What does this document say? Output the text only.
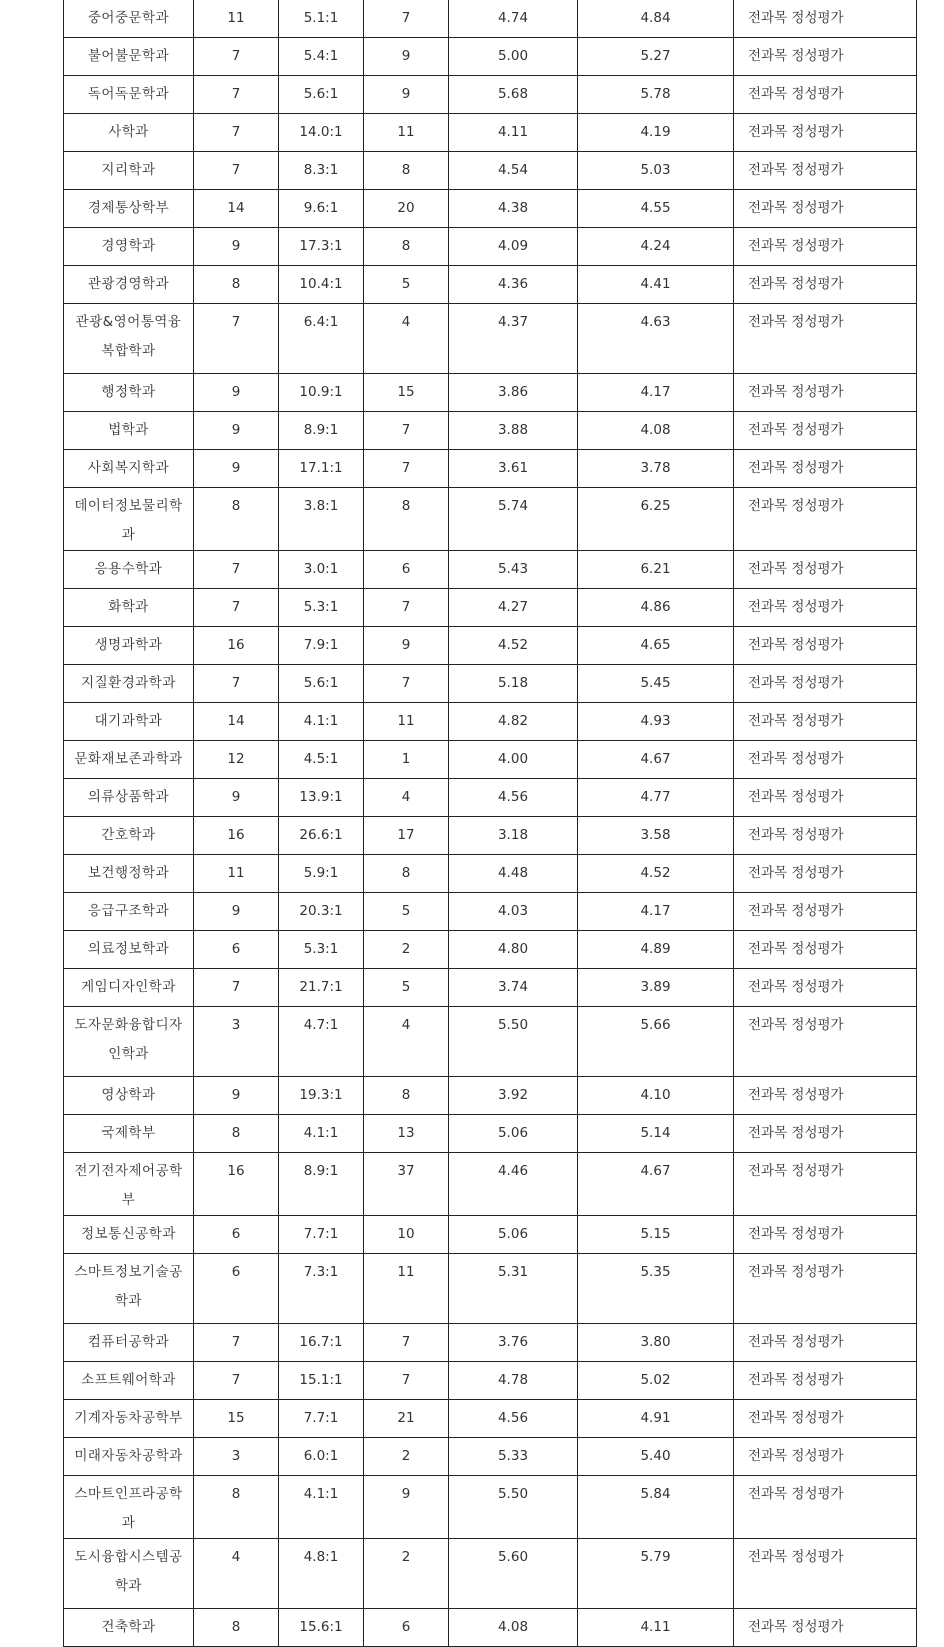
중어중문학과	11	5.1:1	7	4.74	4.84	전과목 정성평가
불어불문학과	7	5.4:1	9	5.00	5.27	전과목 정성평가
독어독문학과	7	5.6:1	9	5.68	5.78	전과목 정성평가
사학과	7	14.0:1	11	4.11	4.19	전과목 정성평가
지리학과	7	8.3:1	8	4.54	5.03	전과목 정성평가
경제통상학부	14	9.6:1	20	4.38	4.55	전과목 정성평가
경영학과	9	17.3:1	8	4.09	4.24	전과목 정성평가
관광경영학과	8	10.4:1	5	4.36	4.41	전과목 정성평가
관광&영어통역융복합학과	7	6.4:1	4	4.37	4.63	전과목 정성평가
행정학과	9	10.9:1	15	3.86	4.17	전과목 정성평가
법학과	9	8.9:1	7	3.88	4.08	전과목 정성평가
사회복지학과	9	17.1:1	7	3.61	3.78	전과목 정성평가
데이터정보물리학과	8	3.8:1	8	5.74	6.25	전과목 정성평가
응용수학과	7	3.0:1	6	5.43	6.21	전과목 정성평가
화학과	7	5.3:1	7	4.27	4.86	전과목 정성평가
생명과학과	16	7.9:1	9	4.52	4.65	전과목 정성평가
지질환경과학과	7	5.6:1	7	5.18	5.45	전과목 정성평가
대기과학과	14	4.1:1	11	4.82	4.93	전과목 정성평가
문화재보존과학과	12	4.5:1	1	4.00	4.67	전과목 정성평가
의류상품학과	9	13.9:1	4	4.56	4.77	전과목 정성평가
간호학과	16	26.6:1	17	3.18	3.58	전과목 정성평가
보건행정학과	11	5.9:1	8	4.48	4.52	전과목 정성평가
응급구조학과	9	20.3:1	5	4.03	4.17	전과목 정성평가
의료정보학과	6	5.3:1	2	4.80	4.89	전과목 정성평가
게임디자인학과	7	21.7:1	5	3.74	3.89	전과목 정성평가
도자문화융합디자인학과	3	4.7:1	4	5.50	5.66	전과목 정성평가
영상학과	9	19.3:1	8	3.92	4.10	전과목 정성평가
국제학부	8	4.1:1	13	5.06	5.14	전과목 정성평가
전기전자제어공학부	16	8.9:1	37	4.46	4.67	전과목 정성평가
정보통신공학과	6	7.7:1	10	5.06	5.15	전과목 정성평가
스마트정보기술공학과	6	7.3:1	11	5.31	5.35	전과목 정성평가
컴퓨터공학과	7	16.7:1	7	3.76	3.80	전과목 정성평가
소프트웨어학과	7	15.1:1	7	4.78	5.02	전과목 정성평가
기계자동차공학부	15	7.7:1	21	4.56	4.91	전과목 정성평가
미래자동차공학과	3	6.0:1	2	5.33	5.40	전과목 정성평가
스마트인프라공학과	8	4.1:1	9	5.50	5.84	전과목 정성평가
도시융합시스템공학과	4	4.8:1	2	5.60	5.79	전과목 정성평가
건축학과	8	15.6:1	6	4.08	4.11	전과목 정성평가
